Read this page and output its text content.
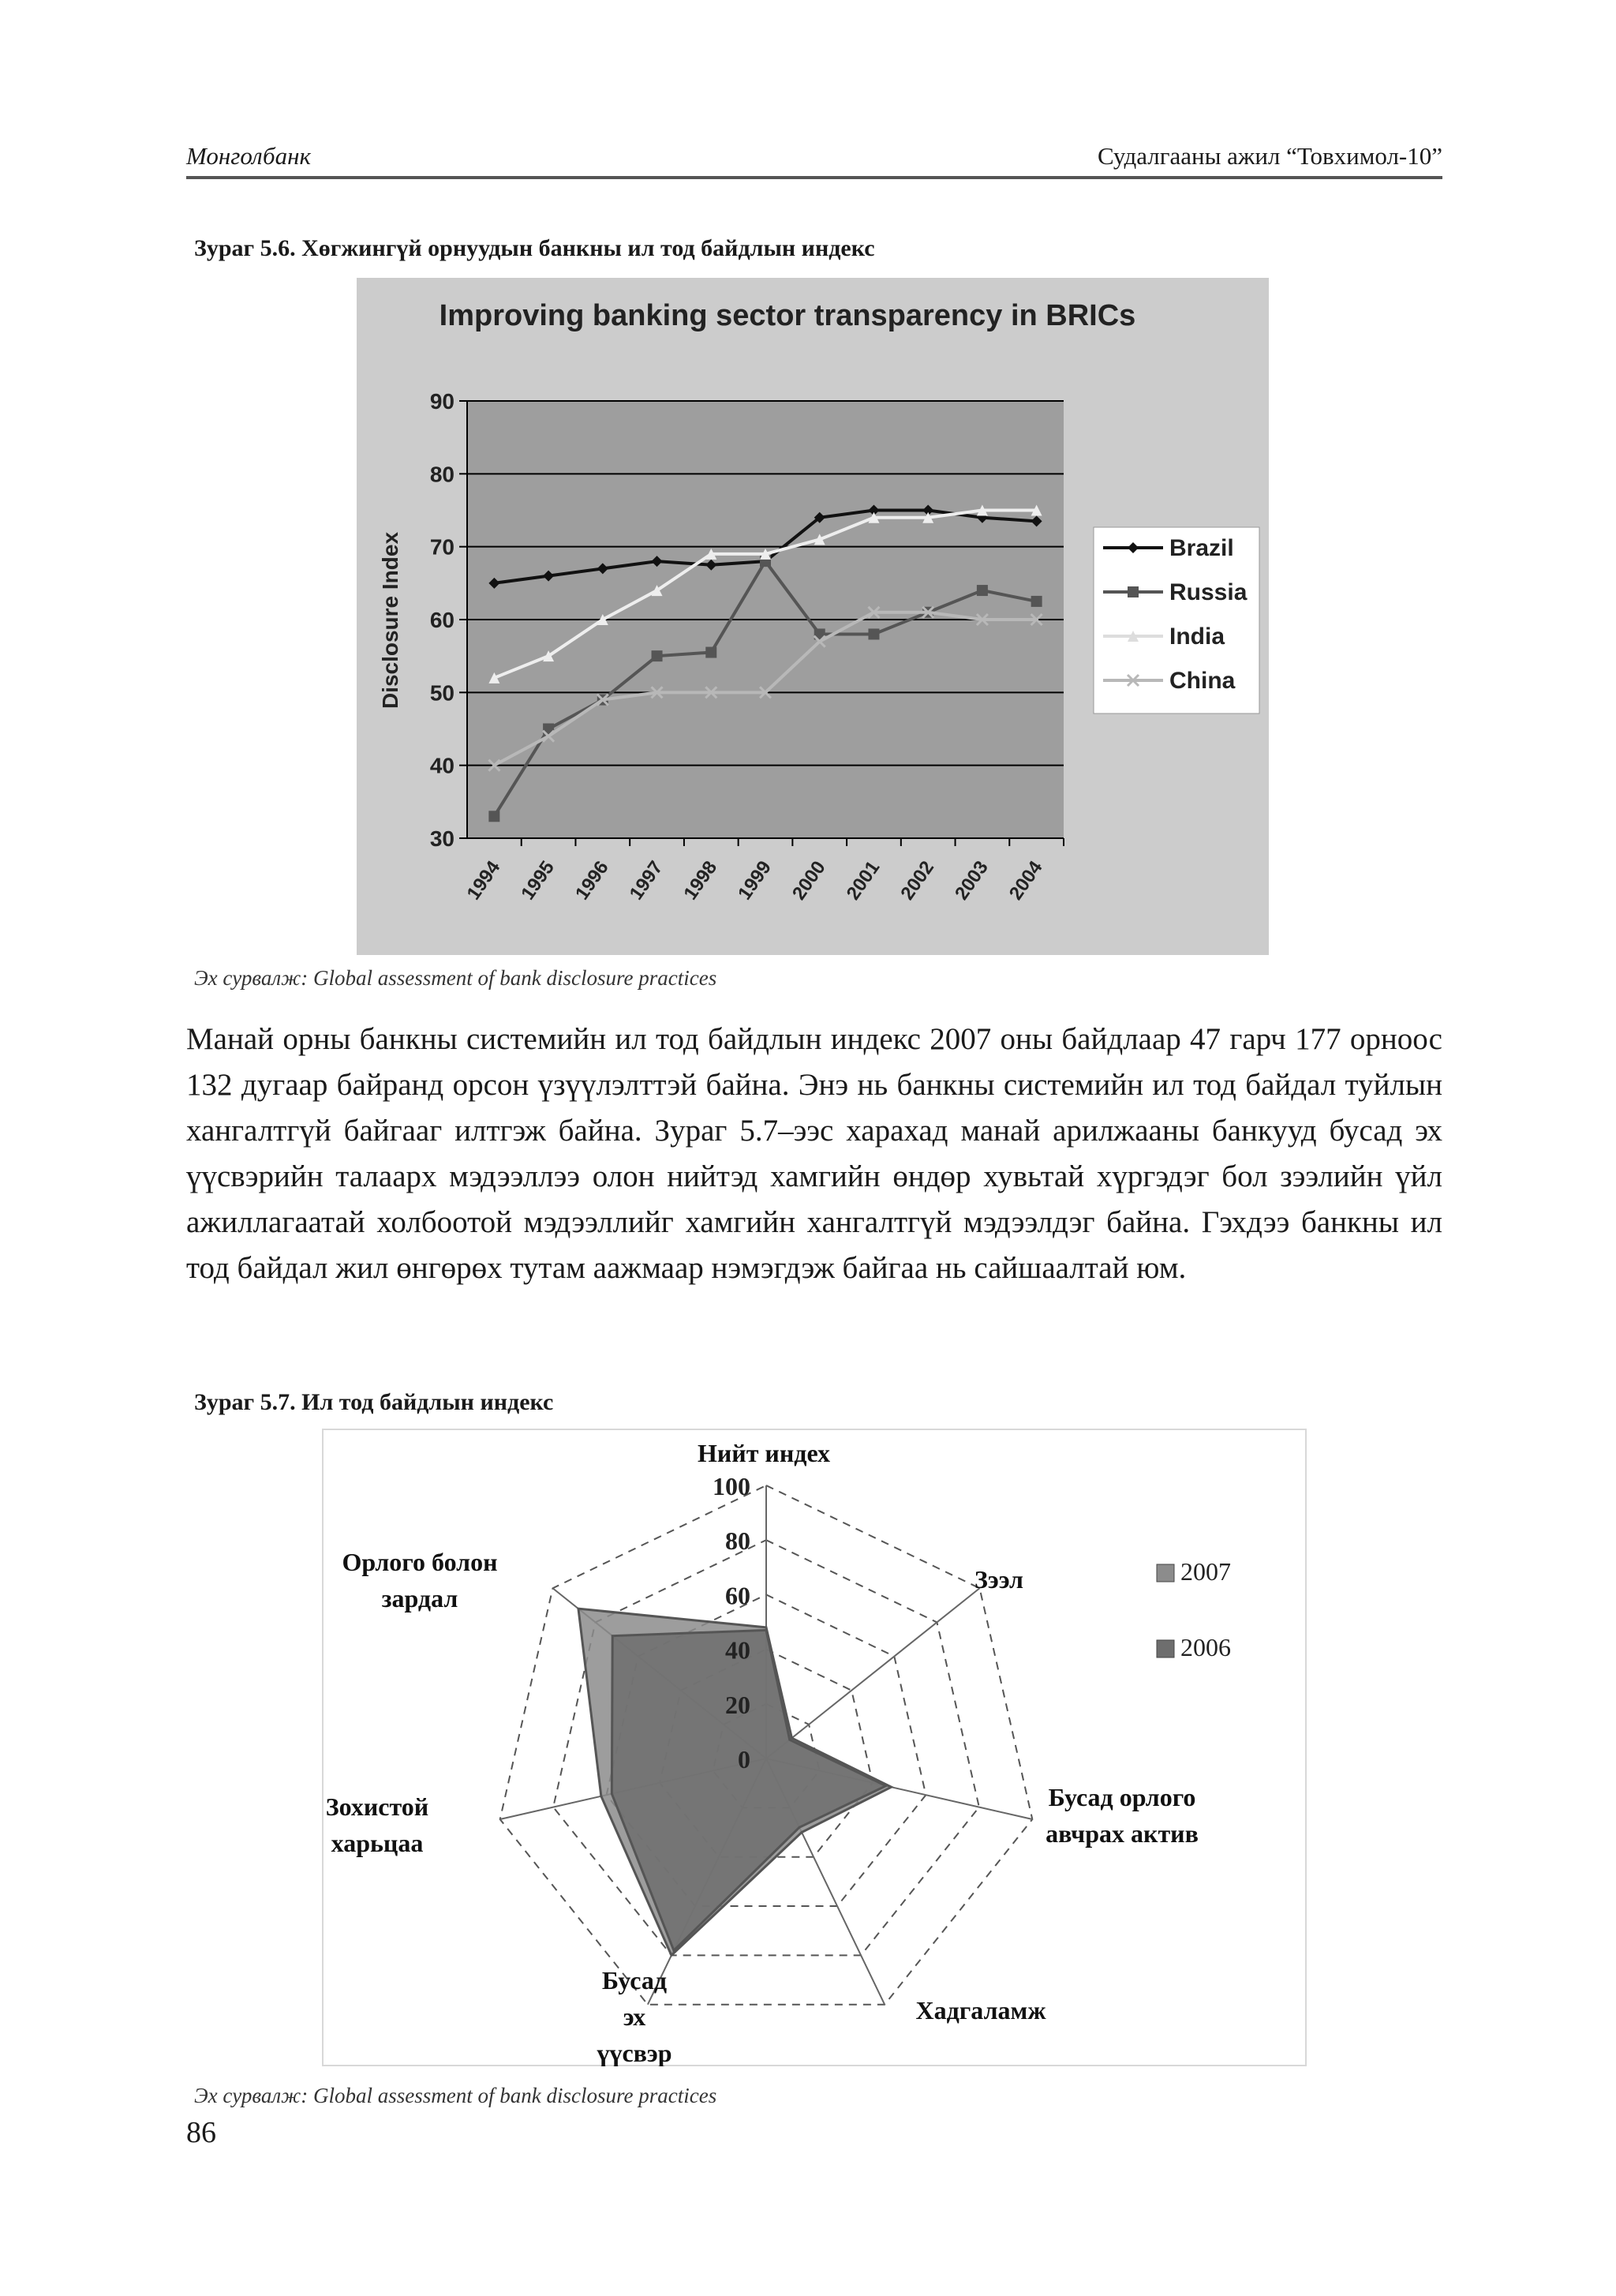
Монголбанк	Судалгааны ажил “Товхимол-10”
Зураг 5.6. Хөгжингүй орнуудын банкны ил тод байдлын индекс
Improving banking sector transparency in BRICs
30
40
50
60
70
80
90
1994 1995 1996 1997 1998 1999 2000 2001 2002 2003 2004
Disclosure Index	Brazil
Russia
India
China
Эх сурвалж: Global assessment of bank disclosure practices
Манай орны банкны системийн ил тод байдлын индекс 2007 оны байдлаар 47 гарч 177 орноос 132 дугаар байранд орсон үзүүлэлттэй байна. Энэ нь банкны системийн ил тод байдал туйлын хангалтгүй байгааг илтгэж байна. Зураг 5.7–ээс харахад манай арилжааны банкууд бусад эх үүсвэрийн талаарх мэдээллээ олон нийтэд хамгийн өндөр хувьтай хүргэдэг бол зээлийн үйл ажиллагаатай холбоотой мэдээллийг хамгийн хангалтгүй мэдээлдэг байна. Гэхдээ банкны ил тод байдал жил өнгөрөх тутам аажмаар нэмэгдэж байгаа нь сайшаалтай юм.
Зураг 5.7. Ил тод байдлын индекс
0
20
40
60
80
100
Нийт индех
Зээл
Бусад орлого авчрах актив
Хадгаламж
Бусад эх үүсвэр
Зохистой харьцаа
Орлого болон зардал
2007
2006
Эх сурвалж: Global assessment of bank disclosure practices
86
